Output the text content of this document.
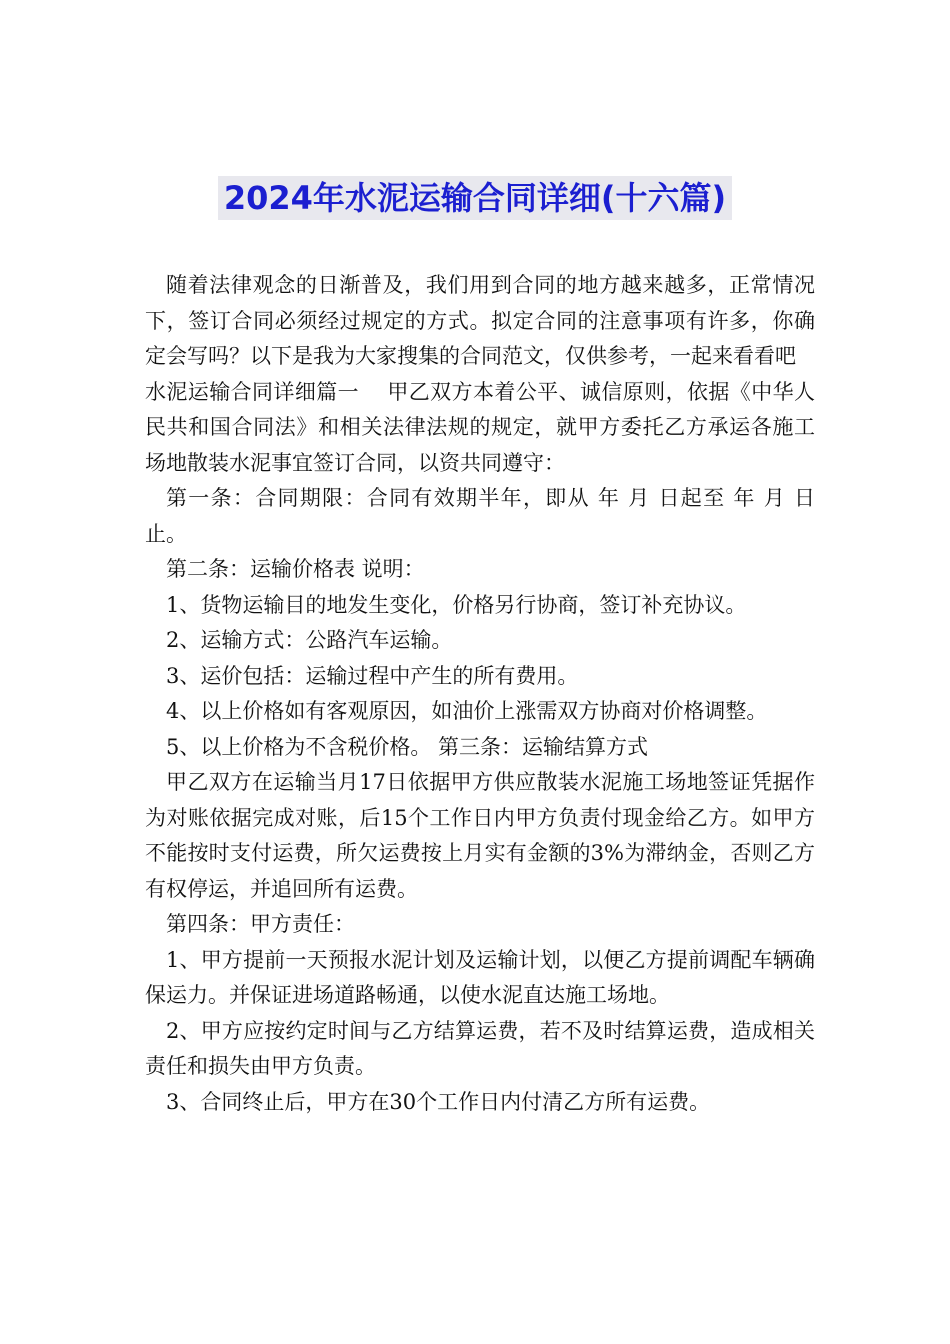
2024年水泥运输合同详细(十六篇)

随着法律观念的日渐普及，我们用到合同的地方越来越多，正常情况下，签订合同必须经过规定的方式。拟定合同的注意事项有许多，你确定会写吗？以下是我为大家搜集的合同范文，仅供参考，一起来看看吧

水泥运输合同详细篇一    甲乙双方本着公平、诚信原则，依据《中华人民共和国合同法》和相关法律法规的规定，就甲方委托乙方承运各施工场地散装水泥事宜签订合同，以资共同遵守：

第一条：合同期限：合同有效期半年，即从 年 月 日起至 年 月 日止。

第二条：运输价格表 说明：

1、货物运输目的地发生变化，价格另行协商，签订补充协议。

2、运输方式：公路汽车运输。

3、运价包括：运输过程中产生的所有费用。

4、以上价格如有客观原因，如油价上涨需双方协商对价格调整。

5、以上价格为不含税价格。 第三条：运输结算方式

甲乙双方在运输当月17日依据甲方供应散装水泥施工场地签证凭据作为对账依据完成对账，后15个工作日内甲方负责付现金给乙方。如甲方不能按时支付运费，所欠运费按上月实有金额的3%为滞纳金，否则乙方有权停运，并追回所有运费。

第四条：甲方责任：

1、甲方提前一天预报水泥计划及运输计划，以便乙方提前调配车辆确保运力。并保证进场道路畅通，以使水泥直达施工场地。

2、甲方应按约定时间与乙方结算运费，若不及时结算运费，造成相关责任和损失由甲方负责。

3、合同终止后，甲方在30个工作日内付清乙方所有运费。
